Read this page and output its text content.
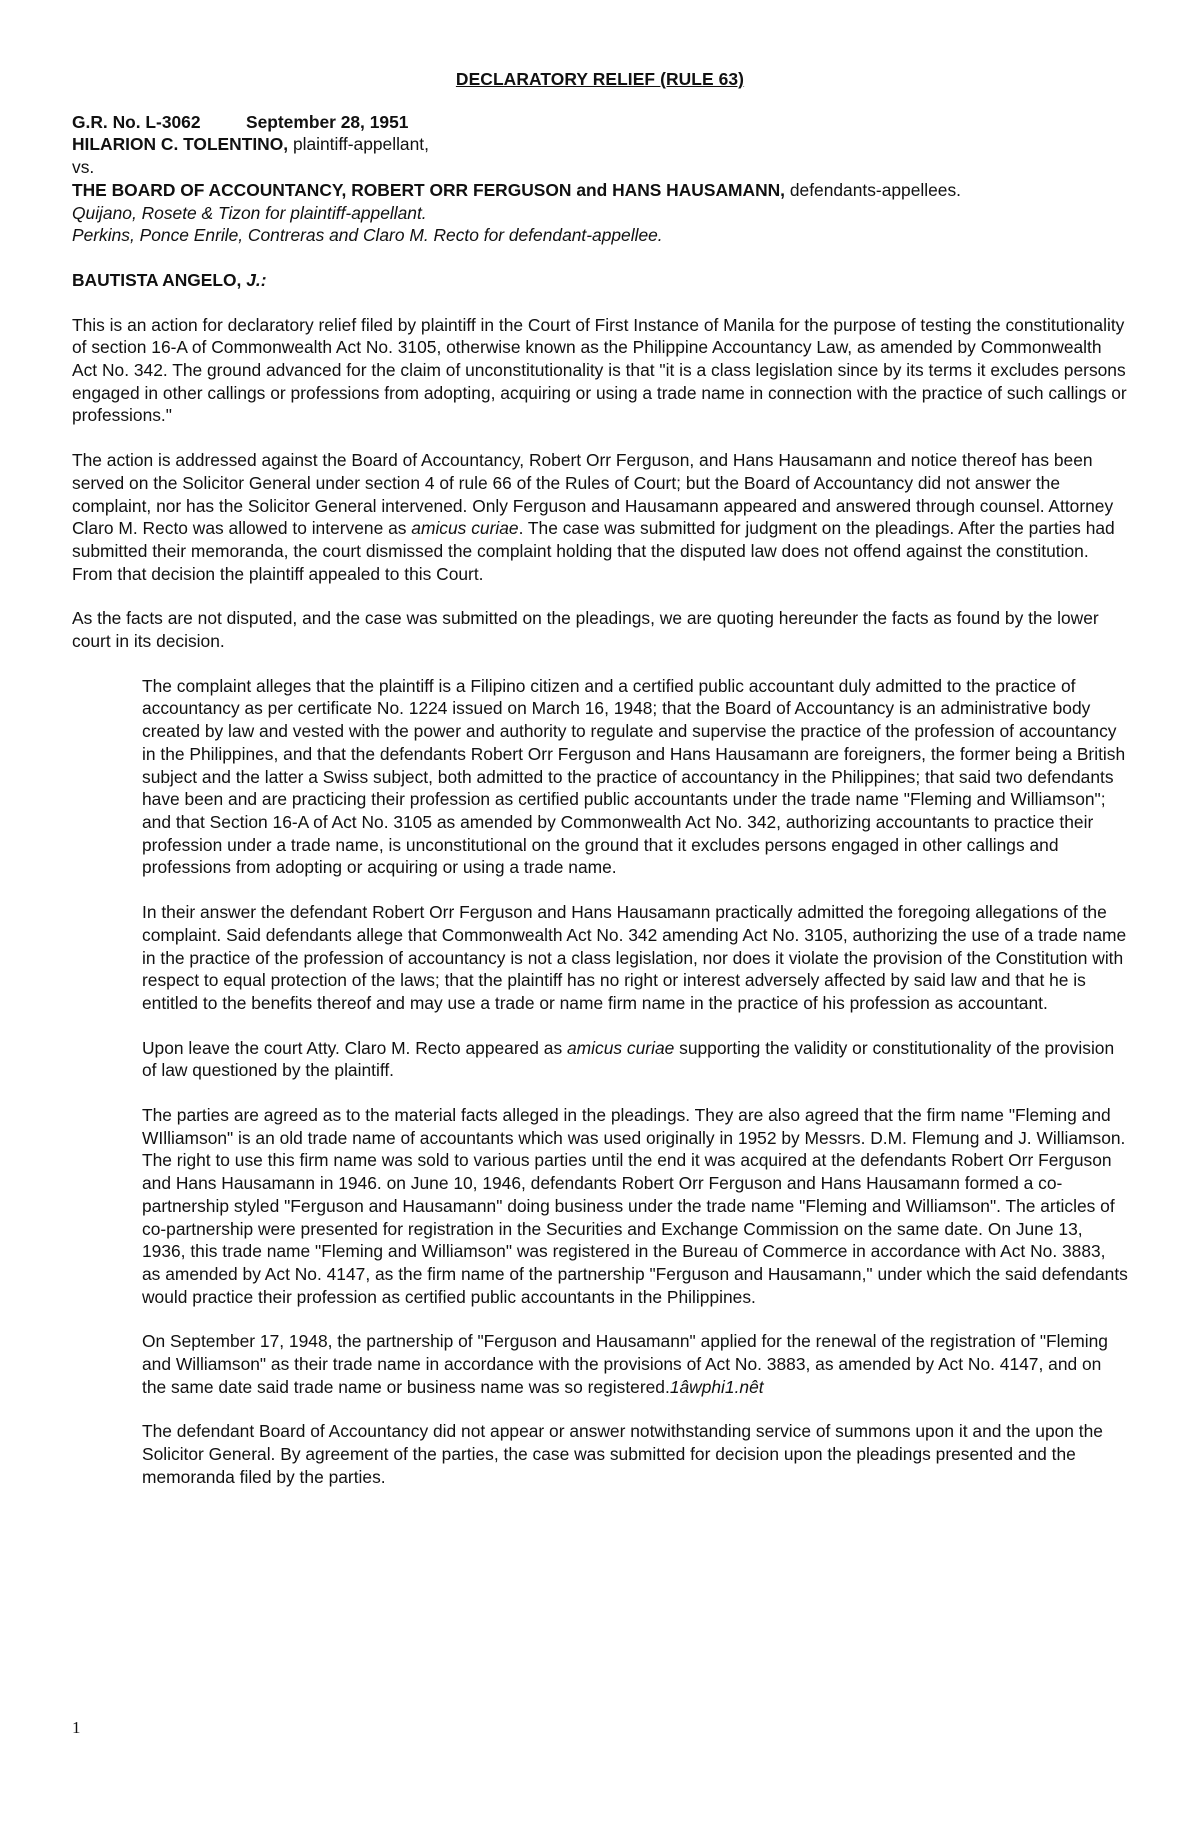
DECLARATORY RELIEF (RULE 63)
G.R. No. L-3062	September 28, 1951
HILARION C. TOLENTINO, plaintiff-appellant,
vs.
THE BOARD OF ACCOUNTANCY, ROBERT ORR FERGUSON and HANS HAUSAMANN, defendants-appellees.
Quijano, Rosete & Tizon for plaintiff-appellant.
Perkins, Ponce Enrile, Contreras and Claro M. Recto for defendant-appellee.
BAUTISTA ANGELO, J.:

This is an action for declaratory relief filed by plaintiff in the Court of First Instance of Manila for the purpose of testing the constitutionality of section 16-A of Commonwealth Act No. 3105, otherwise known as the Philippine Accountancy Law, as amended by Commonwealth Act No. 342. The ground advanced for the claim of unconstitutionality is that "it is a class legislation since by its terms it excludes persons engaged in other callings or professions from adopting, acquiring or using a trade name in connection with the practice of such callings or professions."

The action is addressed against the Board of Accountancy, Robert Orr Ferguson, and Hans Hausamann and notice thereof has been served on the Solicitor General under section 4 of rule 66 of the Rules of Court; but the Board of Accountancy did not answer the complaint, nor has the Solicitor General intervened. Only Ferguson and Hausamann appeared and answered through counsel. Attorney Claro M. Recto was allowed to intervene as amicus curiae. The case was submitted for judgment on the pleadings. After the parties had submitted their memoranda, the court dismissed the complaint holding that the disputed law does not offend against the constitution. From that decision the plaintiff appealed to this Court.

As the facts are not disputed, and the case was submitted on the pleadings, we are quoting hereunder the facts as found by the lower court in its decision.

The complaint alleges that the plaintiff is a Filipino citizen and a certified public accountant duly admitted to the practice of accountancy as per certificate No. 1224 issued on March 16, 1948; that the Board of Accountancy is an administrative body created by law and vested with the power and authority to regulate and supervise the practice of the profession of accountancy in the Philippines, and that the defendants Robert Orr Ferguson and Hans Hausamann are foreigners, the former being a British subject and the latter a Swiss subject, both admitted to the practice of accountancy in the Philippines; that said two defendants have been and are practicing their profession as certified public accountants under the trade name "Fleming and Williamson"; and that Section 16-A of Act No. 3105 as amended by Commonwealth Act No. 342, authorizing accountants to practice their profession under a trade name, is unconstitutional on the ground that it excludes persons engaged in other callings and professions from adopting or acquiring or using a trade name.

In their answer the defendant Robert Orr Ferguson and Hans Hausamann practically admitted the foregoing allegations of the complaint. Said defendants allege that Commonwealth Act No. 342 amending Act No. 3105, authorizing the use of a trade name in the practice of the profession of accountancy is not a class legislation, nor does it violate the provision of the Constitution with respect to equal protection of the laws; that the plaintiff has no right or interest adversely affected by said law and that he is entitled to the benefits thereof and may use a trade or name firm name in the practice of his profession as accountant.

Upon leave the court Atty. Claro M. Recto appeared as amicus curiae supporting the validity or constitutionality of the provision of law questioned by the plaintiff.

The parties are agreed as to the material facts alleged in the pleadings. They are also agreed that the firm name "Fleming and WIlliamson" is an old trade name of accountants which was used originally in 1952 by Messrs. D.M. Flemung and J. Williamson. The right to use this firm name was sold to various parties until the end it was acquired at the defendants Robert Orr Ferguson and Hans Hausamann in 1946. on June 10, 1946, defendants Robert Orr Ferguson and Hans Hausamann formed a co-partnership styled "Ferguson and Hausamann" doing business under the trade name "Fleming and Williamson". The articles of co-partnership were presented for registration in the Securities and Exchange Commission on the same date. On June 13, 1936, this trade name "Fleming and Williamson" was registered in the Bureau of Commerce in accordance with Act No. 3883, as amended by Act No. 4147, as the firm name of the partnership "Ferguson and Hausamann," under which the said defendants would practice their profession as certified public accountants in the Philippines.

On September 17, 1948, the partnership of "Ferguson and Hausamann" applied for the renewal of the registration of "Fleming and Williamson" as their trade name in accordance with the provisions of Act No. 3883, as amended by Act No. 4147, and on the same date said trade name or business name was so registered.1âwphi1.nêt

The defendant Board of Accountancy did not appear or answer notwithstanding service of summons upon it and the upon the Solicitor General. By agreement of the parties, the case was submitted for decision upon the pleadings presented and the memoranda filed by the parties.

1
